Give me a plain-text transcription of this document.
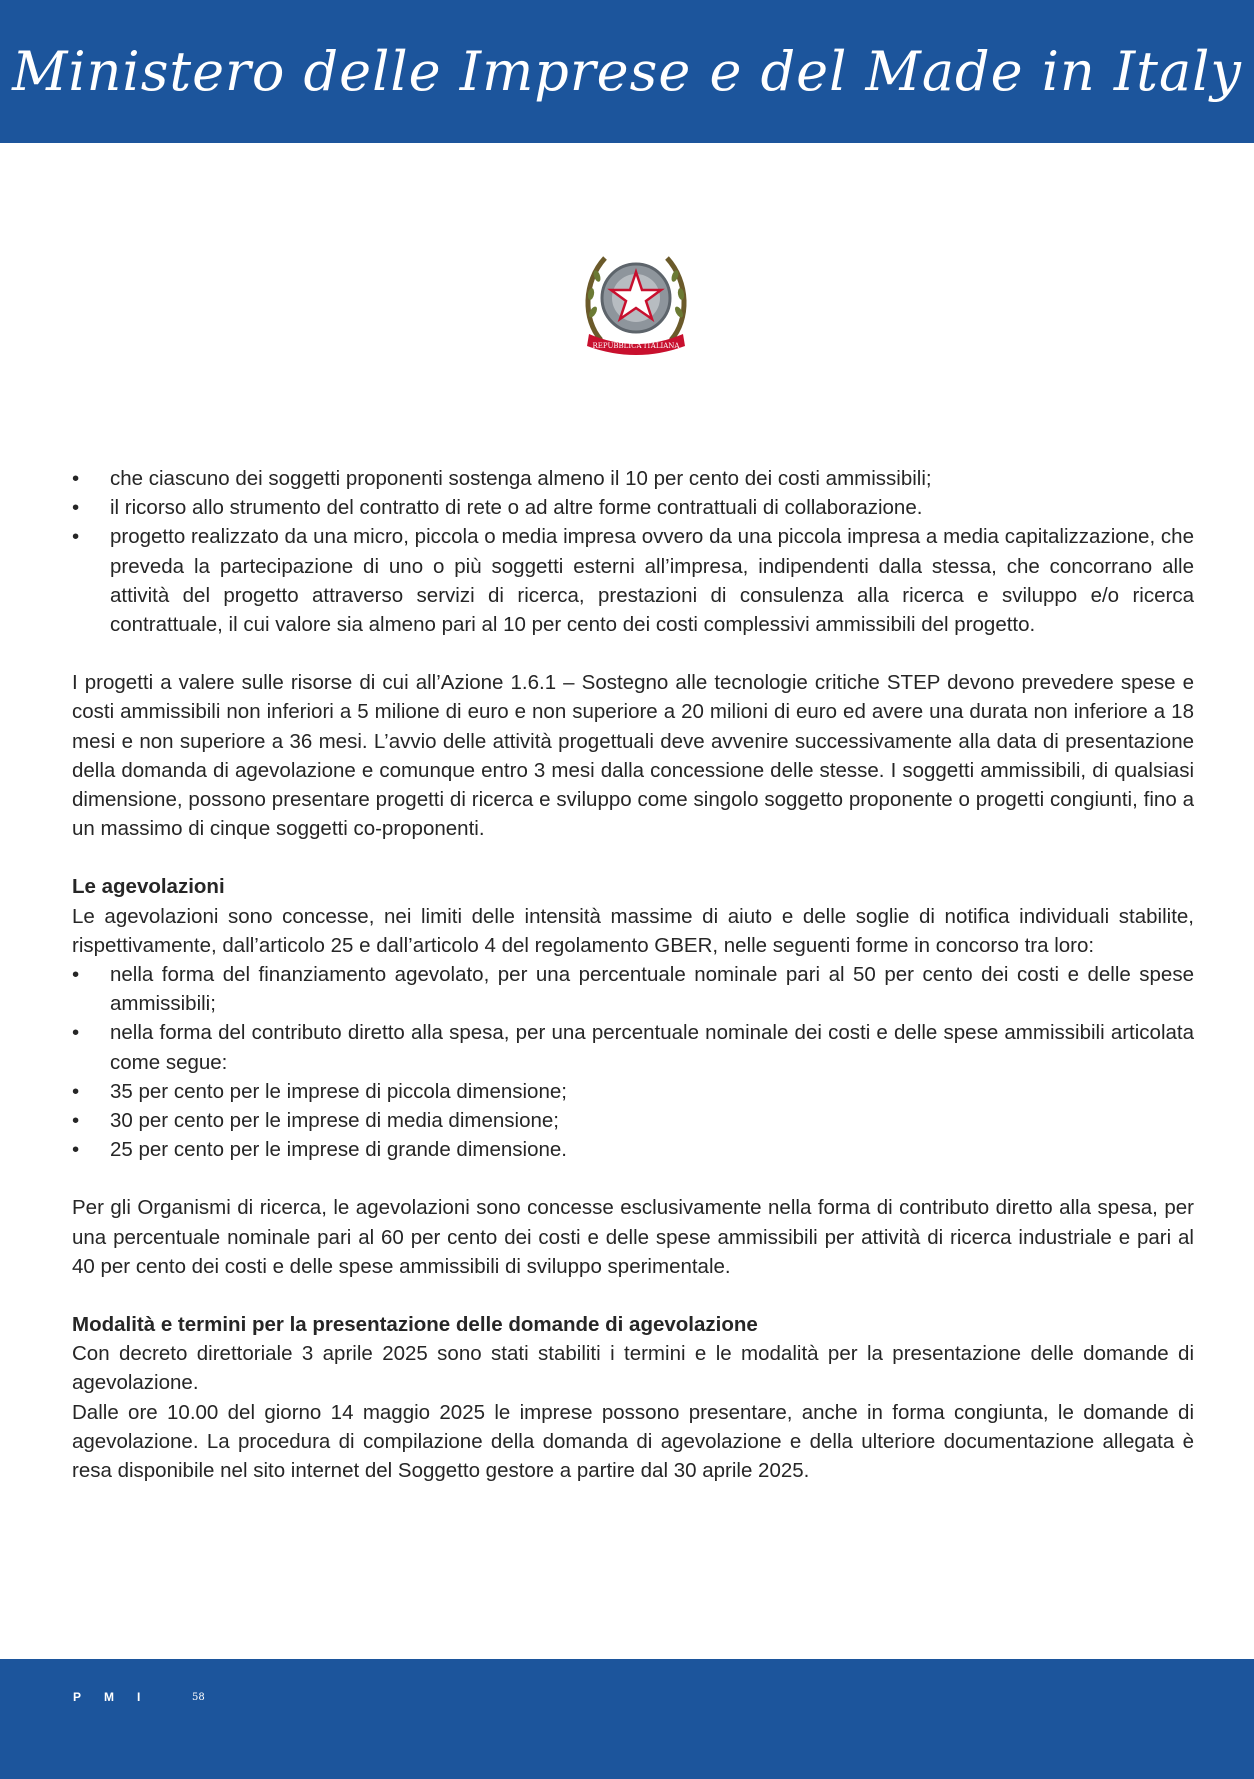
Ministero delle Imprese e del Made in Italy
REPUBBLICA ITALIANA
• che ciascuno dei soggetti proponenti sostenga almeno il 10 per cento dei costi ammissibili;
• il ricorso allo strumento del contratto di rete o ad altre forme contrattuali di collaborazione.
• progetto realizzato da una micro, piccola o media impresa ovvero da una piccola impresa a media capitalizzazione, che preveda la partecipazione di uno o più soggetti esterni all’impresa, indipendenti dalla stessa, che concorrano alle attività del progetto attraverso servizi di ricerca, prestazioni di consulenza alla ricerca e sviluppo e/o ricerca contrattuale, il cui valore sia almeno pari al 10 per cento dei costi complessivi ammissibili del progetto.

I progetti a valere sulle risorse di cui all’Azione 1.6.1 – Sostegno alle tecnologie critiche STEP devono prevedere spese e costi ammissibili non inferiori a 5 milione di euro e non superiore a 20 milioni di euro ed avere una durata non inferiore a 18 mesi e non superiore a 36 mesi. L’avvio delle attività progettuali deve avvenire successivamente alla data di presentazione della domanda di agevolazione e comunque entro 3 mesi dalla concessione delle stesse. I soggetti ammissibili, di qualsiasi dimensione, possono presentare progetti di ricerca e sviluppo come singolo soggetto proponente o progetti congiunti, fino a un massimo di cinque soggetti co-proponenti.

Le agevolazioni

Le agevolazioni sono concesse, nei limiti delle intensità massime di aiuto e delle soglie di notifica individuali stabilite, rispettivamente, dall’articolo 25 e dall’articolo 4 del regolamento GBER, nelle seguenti forme in concorso tra loro:

• nella forma del finanziamento agevolato, per una percentuale nominale pari al 50 per cento dei costi e delle spese ammissibili;
• nella forma del contributo diretto alla spesa, per una percentuale nominale dei costi e delle spese ammissibili articolata come segue:
• 35 per cento per le imprese di piccola dimensione;
• 30 per cento per le imprese di media dimensione;
• 25 per cento per le imprese di grande dimensione.

Per gli Organismi di ricerca, le agevolazioni sono concesse esclusivamente nella forma di contributo diretto alla spesa, per una percentuale nominale pari al 60 per cento dei costi e delle spese ammissibili per attività di ricerca industriale e pari al 40 per cento dei costi e delle spese ammissibili di sviluppo sperimentale.

Modalità e termini per la presentazione delle domande di agevolazione

Con decreto direttoriale 3 aprile 2025 sono stati stabiliti i termini e le modalità per la presentazione delle domande di agevolazione.

Dalle ore 10.00 del giorno 14 maggio 2025 le imprese possono presentare, anche in forma congiunta, le domande di agevolazione. La procedura di compilazione della domanda di agevolazione e della ulteriore documentazione allegata è resa disponibile nel sito internet del Soggetto gestore a partire dal 30 aprile 2025.

PMI	58
